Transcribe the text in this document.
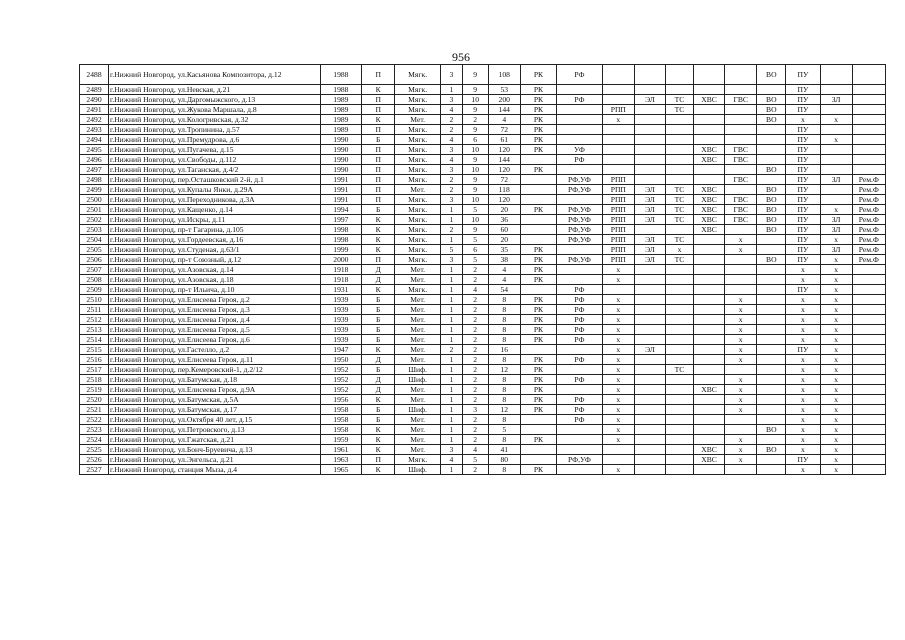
956
2488	г.Нижний Новгород, ул.Касьянова Композитора, д.12	1988	П	Мягк.	3	9	108	РК	РФ						ВО	ПУ		
2489	г.Нижний Новгород, ул.Невская, д.21	1988	К	Мягк.	1	9	53	РК								ПУ		
2490	г.Нижний Новгород, ул.Даргомыжского, д.13	1989	П	Мягк.	3	10	200	РК	РФ		ЭЛ	ТС	ХВС	ГВС	ВО	ПУ	ЗЛ	
2491	г.Нижний Новгород, ул.Жукова Маршала, д.8	1989	П	Мягк.	4	9	144	РК		РПП		ТС			ВО	ПУ		
2492	г.Нижний Новгород, ул.Кологривская, д.32	1989	К	Мет.	2	2	4	РК		х					ВО	х	х	
2493	г.Нижний Новгород, ул.Тропинина, д.57	1989	П	Мягк.	2	9	72	РК								ПУ		
2494	г.Нижний Новгород, ул.Премудрова, д.6	1990	Б	Мягк.	4	6	61	РК								ПУ	х	
2495	г.Нижний Новгород, ул.Пугачева, д.15	1990	П	Мягк.	3	10	120	РК	УФ				ХВС	ГВС		ПУ		
2496	г.Нижний Новгород, ул.Свободы, д.112	1990	П	Мягк.	4	9	144		РФ				ХВС	ГВС		ПУ		
2497	г.Нижний Новгород, ул.Таганская, д.4/2	1990	П	Мягк.	3	10	120	РК							ВО	ПУ		
2498	г.Нижний Новгород, пер.Осташковский 2-й, д.1	1991	П	Мягк.	2	9	72		РФ,УФ	РПП				ГВС		ПУ	ЗЛ	Рем.Ф
2499	г.Нижний Новгород, ул.Купалы Янки, д.29А	1991	П	Мет.	2	9	118		РФ,УФ	РПП	ЭЛ	ТС	ХВС		ВО	ПУ		Рем.Ф
2500	г.Нижний Новгород, ул.Переходникова, д.3А	1991	П	Мягк.	3	10	120			РПП	ЭЛ	ТС	ХВС	ГВС	ВО	ПУ		Рем.Ф
2501	г.Нижний Новгород, ул.Кащенко, д.14	1994	Б	Мягк.	1	5	20	РК	РФ,УФ	РПП	ЭЛ	ТС	ХВС	ГВС	ВО	ПУ	х	Рем.Ф
2502	г.Нижний Новгород, ул.Искры, д.11	1997	К	Мягк.	1	10	36		РФ,УФ	РПП	ЭЛ	ТС	ХВС	ГВС	ВО	ПУ	ЗЛ	Рем.Ф
2503	г.Нижний Новгород, пр-т Гагарина, д.105	1998	К	Мягк.	2	9	60		РФ,УФ	РПП			ХВС		ВО	ПУ	ЗЛ	Рем.Ф
2504	г.Нижний Новгород, ул.Гордеевская, д.16	1998	К	Мягк.	1	5	20		РФ,УФ	РПП	ЭЛ	ТС		х		ПУ	х	Рем.Ф
2505	г.Нижний Новгород, ул.Студеная, д.63/1	1999	К	Мягк.	5	6	35	РК		РПП	ЭЛ	х		х		ПУ	ЗЛ	Рем.Ф
2506	г.Нижний Новгород, пр-т Союзный, д.12	2000	П	Мягк.	3	5	38	РК	РФ,УФ	РПП	ЭЛ	ТС			ВО	ПУ	х	Рем.Ф
2507	г.Нижний Новгород, ул.Азовская, д.14	1918	Д	Мет.	1	2	4	РК		х						х	х	
2508	г.Нижний Новгород, ул.Азовская, д.18	1918	Д	Мет.	1	2	4	РК		х						х	х	
2509	г.Нижний Новгород, пр-т Ильича, д.10	1931	К	Мягк.	1	4	54		РФ							ПУ	х	
2510	г.Нижний Новгород, ул.Елисеева Героя, д.2	1939	Б	Мет.	1	2	8	РК	РФ	х				х		х	х	
2511	г.Нижний Новгород, ул.Елисеева Героя, д.3	1939	Б	Мет.	1	2	8	РК	РФ	х				х		х	х	
2512	г.Нижний Новгород, ул.Елисеева Героя, д.4	1939	Б	Мет.	1	2	8	РК	РФ	х				х		х	х	
2513	г.Нижний Новгород, ул.Елисеева Героя, д.5	1939	Б	Мет.	1	2	8	РК	РФ	х				х		х	х	
2514	г.Нижний Новгород, ул.Елисеева Героя, д.6	1939	Б	Мет.	1	2	8	РК	РФ	х				х		х	х	
2515	г.Нижний Новгород, ул.Гастелло, д.2	1947	К	Мет.	2	2	16			х	ЭЛ			х		ПУ	х	
2516	г.Нижний Новгород, ул.Елисеева Героя, д.11	1950	Д	Мет.	1	2	8	РК	РФ	х				х		х	х	
2517	г.Нижний Новгород, пер.Кемеровский-1, д.2/12	1952	Б	Шиф.	1	2	12	РК		х		ТС				х	х	
2518	г.Нижний Новгород, ул.Батумская, д.18	1952	Д	Шиф.	1	2	8	РК	РФ	х				х		х	х	
2519	г.Нижний Новгород, ул.Елисеева Героя, д.9А	1952	Д	Мет.	1	2	8	РК		х			ХВС	х		х	х	
2520	г.Нижний Новгород, ул.Батумская, д.5А	1956	К	Мет.	1	2	8	РК	РФ	х				х		х	х	
2521	г.Нижний Новгород, ул.Батумская, д.17	1958	Б	Шиф.	1	3	12	РК	РФ	х				х		х	х	
2522	г.Нижний Новгород, ул.Октября 40 лет, д.15	1958	Б	Мет.	1	2	8		РФ	х						х	х	
2523	г.Нижний Новгород, ул.Петровского, д.13	1958	К	Мет.	1	2	5			х					ВО	х	х	
2524	г.Нижний Новгород, ул.Гжатская, д.21	1959	К	Мет.	1	2	8	РК		х				х		х	х	
2525	г.Нижний Новгород, ул.Бонч-Бруевича, д.13	1961	К	Мет.	3	4	41						ХВС	х	ВО	х	х	
2526	г.Нижний Новгород, ул.Энгельса, д.21	1963	П	Мягк.	4	5	80		РФ,УФ				ХВС	х		ПУ	х	
2527	г.Нижний Новгород, станция Мыза, д.4	1965	К	Шиф.	1	2	8	РК		х						х	х	
